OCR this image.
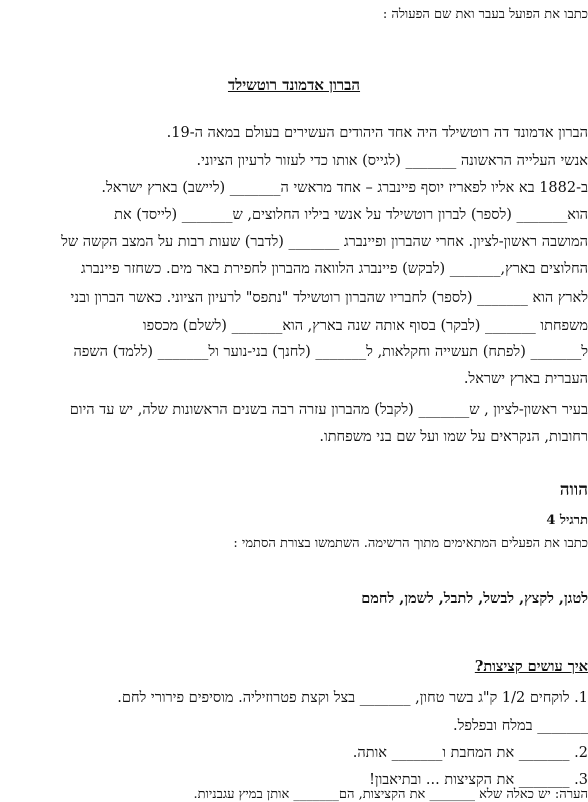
כתבו את הפועל בעבר ואת שם הפעולה :
הברון אדמונד רוטשילד
הברון אדמונד דה רוטשילד היה אחד היהודים העשירים בעולם במאה ה-19.
אנשי העלייה הראשונה _______ (לגייס) אותו כדי לעזור לרעיון הציוני.
ב-1882 בא אליו לפאריז יוסף פיינברג – אחד מראשי ה_______ (ליישב) בארץ ישראל.
הוא_______ (לספר) לברון רוטשילד על אנשי ביליו החלוצים, ש_______ (לייסד) את
המושבה ראשון-לציון. אחרי שהברון ופיינברג _______ (לדבר) שעות רבות על המצב הקשה של
החלוצים בארץ,_______ (לבקש) פיינברג הלוואה מהברון לחפירת באר מים. כשחזר פיינברג
לארץ הוא _______ (לספר) לחבריו שהברון רוטשילד "נתפס" לרעיון הציוני. כאשר הברון ובני
משפחתו _______ (לבקר) בסוף אותה שנה בארץ, הוא_______ (לשלם) מכספו
ל_______ (לפתח) תעשייה וחקלאות, ל_______ (לחנך) בני-נוער ול_______ (ללמד) השפה
העברית בארץ ישראל.
בעיר ראשון-לציון , ש_______ (לקבל) מהברון עזרה רבה בשנים הראשונות שלה, יש עד היום
רחובות, הנקראים על שמו ועל שם בני משפחתו.
הווה
תרגיל 4
כתבו את הפעלים המתאימים מתוך הרשימה. השתמשו בצורת הסתמי :
לטגן, לקצץ, לבשל, לתבל, לשמן, לחמם
איך עושים קציצות?
1. לוקחים 1/2 ק"ג בשר טחון, _______ בצל וקצת פטרוזיליה. מוסיפים פירורי לחם.
_______ במלח ובפלפל.
2. _______ את המחבת ו_______ אותה.
3. _______ את הקציצות ... ובתיאבון!
הערה: יש כאלה שלא _______ את הקציצות, הם_______ אותן במיץ עגבניות.
